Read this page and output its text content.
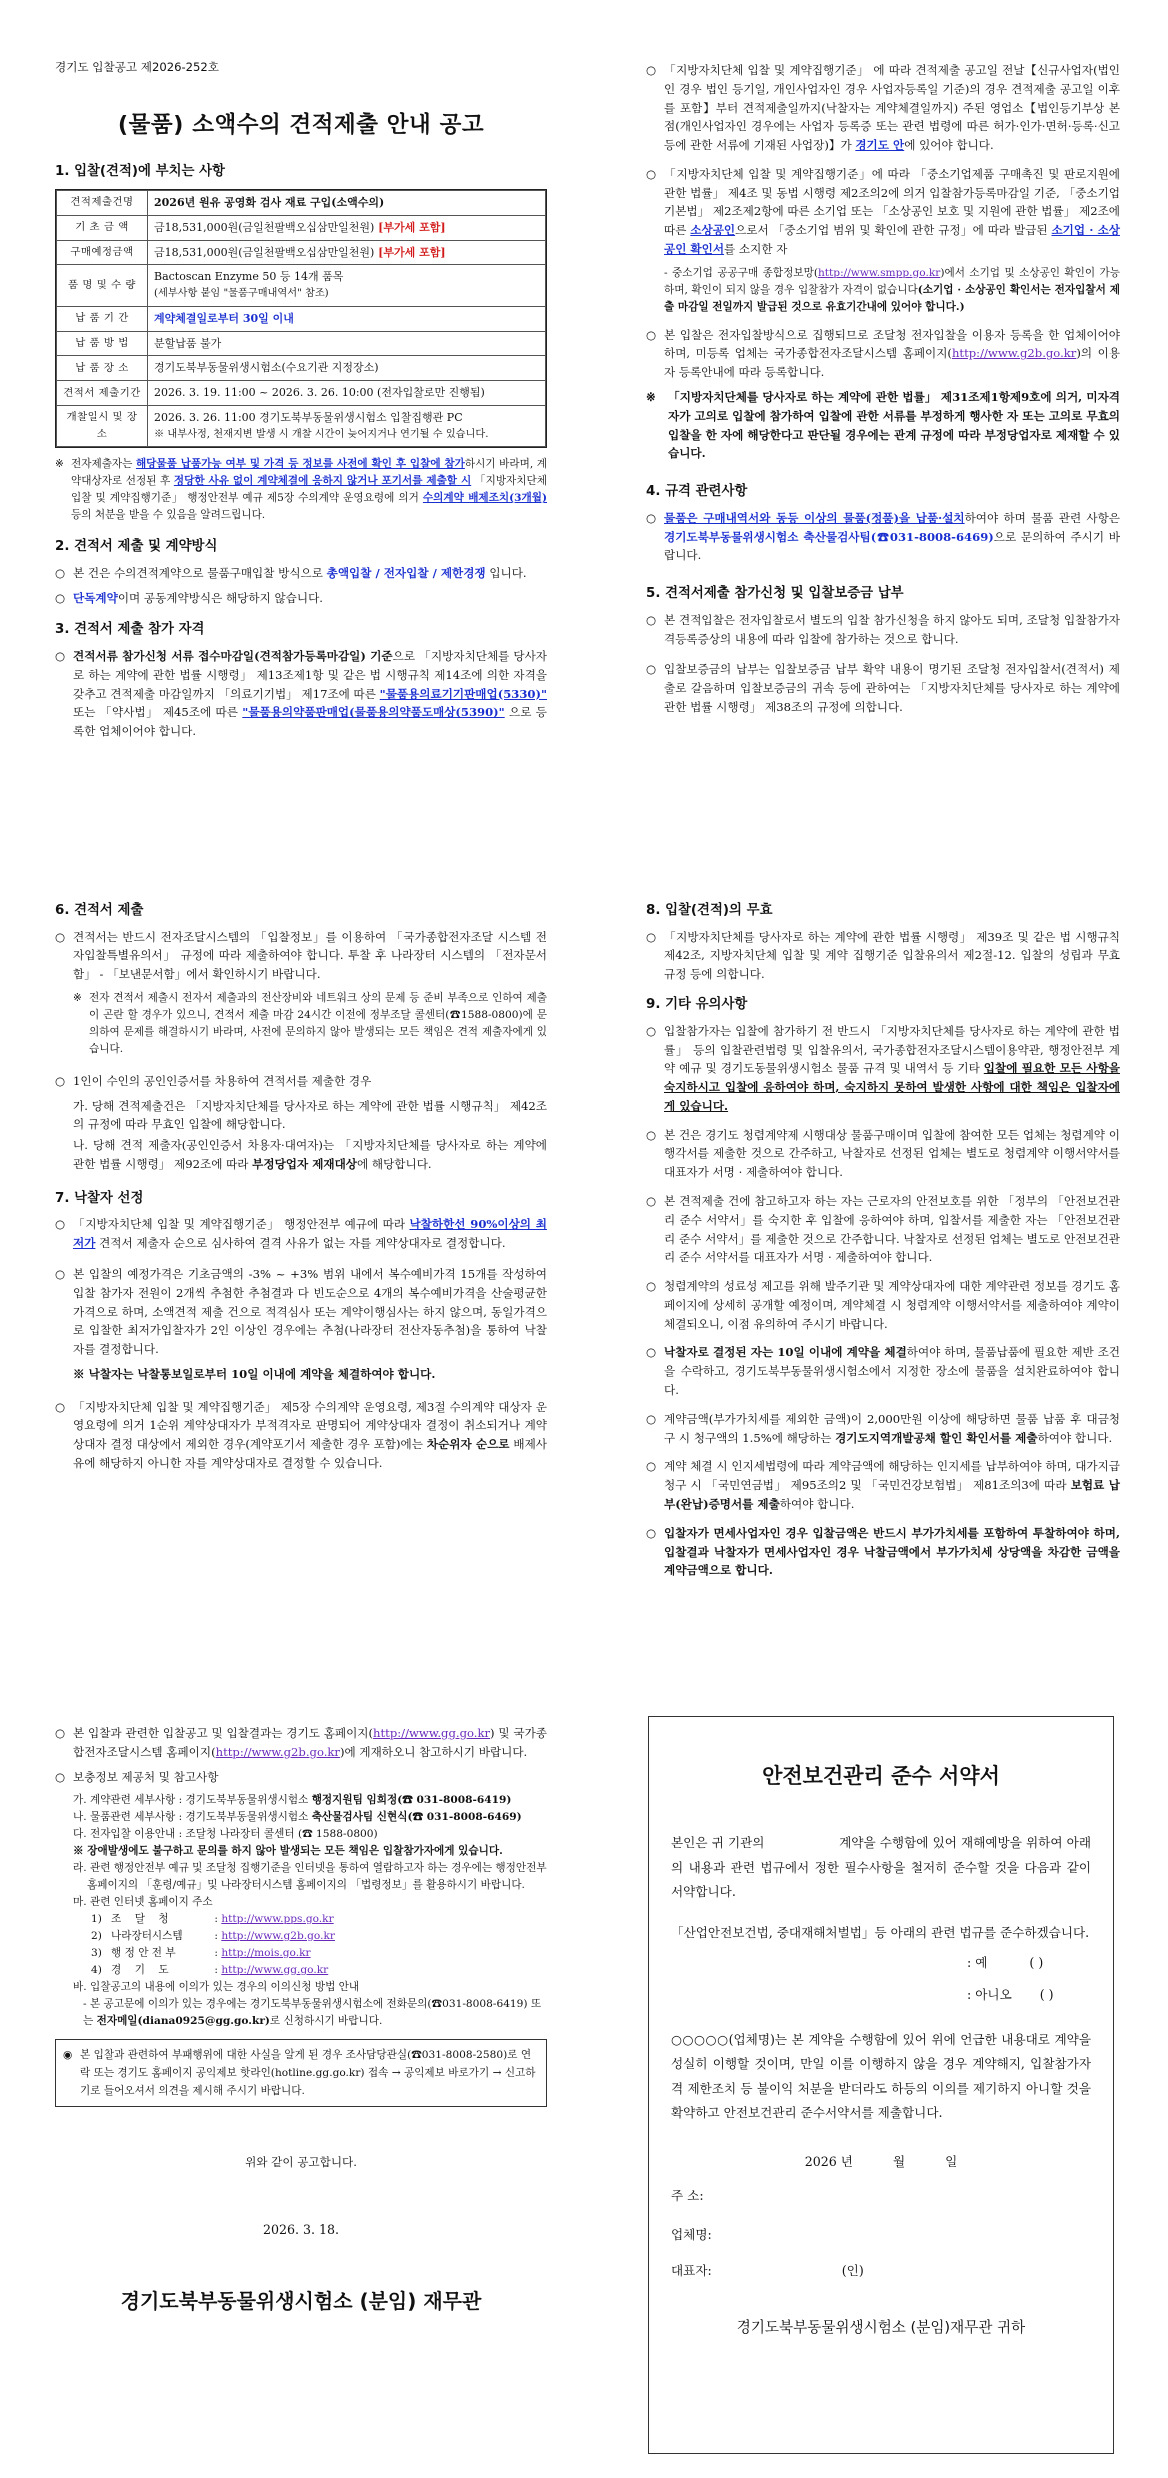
경기도 입찰공고 제2026-252호

(물품) 소액수의 견적제출 안내 공고

1. 입찰(견적)에 부치는 사항

견적제출건명	2026년 원유 공영화 검사 재료 구입(소액수의)
기 초 금 액	금18,531,000원(금일천팔백오십삼만일천원) [부가세 포함]
구매예정금액	금18,531,000원(금일천팔백오십삼만일천원) [부가세 포함]
품 명 및 수 량	Bactoscan Enzyme 50 등 14개 품목
(세부사항 붙임 "물품구매내역서" 참조)

납 품 기 간	계약체결일로부터 30일 이내
납 품 방 법	분할납품 불가
납 품 장 소	경기도북부동물위생시험소(수요기관 지정장소)
견적서 제출기간	2026. 3. 19. 11:00 ~ 2026. 3. 26. 10:00 (전자입찰로만 진행됨)
개찰일시 및 장소	2026. 3. 26. 11:00 경기도북부동물위생시험소 입찰집행관 PC
※ 내부사정, 천재지변 발생 시 개찰 시간이 늦어지거나 연기될 수 있습니다.

※ 전자제출자는 해당물품 납품가능 여부 및 가격 등 정보를 사전에 확인 후 입찰에 참가하시기 바라며, 계약대상자로 선정된 후 정당한 사유 없이 계약체결에 응하지 않거나 포기서를 제출할 시 「지방자치단체 입찰 및 계약집행기준」 행정안전부 예규 제5장 수의계약 운영요령에 의거 수의계약 배제조치(3개월) 등의 처분을 받을 수 있음을 알려드립니다.

2. 견적서 제출 및 계약방식

○ 본 건은 수의견적계약으로 물품구매입찰 방식으로 총액입찰 / 전자입찰 / 제한경쟁 입니다.

○ 단독계약이며 공동계약방식은 해당하지 않습니다.

3. 견적서 제출 참가 자격

○ 견적서류 참가신청 서류 접수마감일(견적참가등록마감일) 기준으로 「지방자치단체를 당사자로 하는 계약에 관한 법률 시행령」 제13조제1항 및 같은 법 시행규칙 제14조에 의한 자격을 갖추고 견적제출 마감일까지 「의료기기법」 제17조에 따른 "물품용의료기기판매업(5330)" 또는 「약사법」 제45조에 따른 "물품용의약품판매업(물품용의약품도매상(5390)" 으로 등록한 업체이어야 합니다.

○ 「지방자치단체 입찰 및 계약집행기준」 에 따라 견적제출 공고일 전날【신규사업자(법인인 경우 법인 등기일, 개인사업자인 경우 사업자등록일 기준)의 경우 견적제출 공고일 이후를 포함】부터 견적제출일까지(낙찰자는 계약체결일까지) 주된 영업소【법인등기부상 본점(개인사업자인 경우에는 사업자 등록증 또는 관련 법령에 따른 허가·인가·면허·등록·신고 등에 관한 서류에 기재된 사업장)】가 경기도 안에 있어야 합니다.

○ 「지방자치단체 입찰 및 계약집행기준」에 따라 「중소기업제품 구매촉진 및 판로지원에 관한 법률」 제4조 및 동법 시행령 제2조의2에 의거 입찰참가등록마감일 기준, 「중소기업기본법」 제2조제2항에 따른 소기업 또는 「소상공인 보호 및 지원에 관한 법률」 제2조에 따른 소상공인으로서 「중소기업 범위 및 확인에 관한 규정」에 따라 발급된 소기업 · 소상공인 확인서를 소지한 자

- 중소기업 공공구매 종합정보망(http://www.smpp.go.kr)에서 소기업 및 소상공인 확인이 가능하며, 확인이 되지 않을 경우 입찰참가 자격이 없습니다(소기업 · 소상공인 확인서는 전자입찰서 제출 마감일 전일까지 발급된 것으로 유효기간내에 있어야 합니다.)

○ 본 입찰은 전자입찰방식으로 집행되므로 조달청 전자입찰을 이용자 등록을 한 업체이어야 하며, 미등록 업체는 국가종합전자조달시스템 홈페이지(http://www.g2b.go.kr)의 이용자 등록안내에 따라 등록합니다.

※ 「지방자치단체를 당사자로 하는 계약에 관한 법률」 제31조제1항제9호에 의거, 미자격자가 고의로 입찰에 참가하여 입찰에 관한 서류를 부정하게 행사한 자 또는 고의로 무효의 입찰을 한 자에 해당한다고 판단될 경우에는 관계 규정에 따라 부정당업자로 제재할 수 있습니다.

4. 규격 관련사항

○ 물품은 구매내역서와 동등 이상의 물품(정품)을 납품·설치하여야 하며 물품 관련 사항은 경기도북부동물위생시험소 축산물검사팀(☎031-8008-6469)으로 문의하여 주시기 바랍니다.

5. 견적서제출 참가신청 및 입찰보증금 납부

○ 본 견적입찰은 전자입찰로서 별도의 입찰 참가신청을 하지 않아도 되며, 조달청 입찰참가자격등록증상의 내용에 따라 입찰에 참가하는 것으로 합니다.

○ 입찰보증금의 납부는 입찰보증금 납부 확약 내용이 명기된 조달청 전자입찰서(견적서) 제출로 갈음하며 입찰보증금의 귀속 등에 관하여는 「지방자치단체를 당사자로 하는 계약에 관한 법률 시행령」 제38조의 규정에 의합니다.

6. 견적서 제출

○ 견적서는 반드시 전자조달시스템의 「입찰정보」를 이용하여 「국가종합전자조달 시스템 전자입찰특별유의서」 규정에 따라 제출하여야 합니다. 투찰 후 나라장터 시스템의 「전자문서함」 - 「보낸문서함」에서 확인하시기 바랍니다.

※ 전자 견적서 제출시 전자서 제출과의 전산장비와 네트워크 상의 문제 등 준비 부족으로 인하여 제출이 곤란 할 경우가 있으니, 견적서 제출 마감 24시간 이전에 정부조달 콜센터(☎1588-0800)에 문의하여 문제를 해결하시기 바라며, 사전에 문의하지 않아 발생되는 모든 책임은 견적 제출자에게 있습니다.

○ 1인이 수인의 공인인증서를 차용하여 견적서를 제출한 경우

가. 당해 견적제출건은 「지방자치단체를 당사자로 하는 계약에 관한 법률 시행규칙」 제42조의 규정에 따라 무효인 입찰에 해당합니다.

나. 당해 견적 제출자(공인인증서 차용자·대여자)는 「지방자치단체를 당사자로 하는 계약에 관한 법률 시행령」 제92조에 따라 부정당업자 제재대상에 해당합니다.

7. 낙찰자 선정

○ 「지방자치단체 입찰 및 계약집행기준」 행정안전부 예규에 따라 낙찰하한선 90%이상의 최저가 견적서 제출자 순으로 심사하여 결격 사유가 없는 자를 계약상대자로 결정합니다.

○ 본 입찰의 예정가격은 기초금액의 -3% ~ +3% 범위 내에서 복수예비가격 15개를 작성하여 입찰 참가자 전원이 2개씩 추첨한 추첨결과 다 빈도순으로 4개의 복수예비가격을 산술평균한 가격으로 하며, 소액견적 제출 건으로 적격심사 또는 계약이행심사는 하지 않으며, 동일가격으로 입찰한 최저가입찰자가 2인 이상인 경우에는 추첨(나라장터 전산자동추첨)을 통하여 낙찰자를 결정합니다.

※ 낙찰자는 낙찰통보일로부터 10일 이내에 계약을 체결하여야 합니다.

○ 「지방자치단체 입찰 및 계약집행기준」 제5장 수의계약 운영요령, 제3절 수의계약 대상자 운영요령에 의거 1순위 계약상대자가 부적격자로 판명되어 계약상대자 결정이 취소되거나 계약상대자 결정 대상에서 제외한 경우(계약포기서 제출한 경우 포함)에는 차순위자 순으로 배제사유에 해당하지 아니한 자를 계약상대자로 결정할 수 있습니다.

8. 입찰(견적)의 무효

○ 「지방자치단체를 당사자로 하는 계약에 관한 법률 시행령」 제39조 및 같은 법 시행규칙 제42조, 지방자치단체 입찰 및 계약 집행기준 입찰유의서 제2절-12. 입찰의 성립과 무효 규정 등에 의합니다.

9. 기타 유의사항

○ 입찰참가자는 입찰에 참가하기 전 반드시 「지방자치단체를 당사자로 하는 계약에 관한 법률」 등의 입찰관련법령 및 입찰유의서, 국가종합전자조달시스템이용약관, 행정안전부 계약 예규 및 경기도동물위생시험소 물품 규격 및 내역서 등 기타 입찰에 필요한 모든 사항을 숙지하시고 입찰에 응하여야 하며, 숙지하지 못하여 발생한 사항에 대한 책임은 입찰자에게 있습니다.

○ 본 건은 경기도 청렴계약제 시행대상 물품구매이며 입찰에 참여한 모든 업체는 청렴계약 이행각서를 제출한 것으로 간주하고, 낙찰자로 선정된 업체는 별도로 청렴계약 이행서약서를 대표자가 서명 · 제출하여야 합니다.

○ 본 견적제출 건에 참고하고자 하는 자는 근로자의 안전보호를 위한 「정부의 「안전보건관리 준수 서약서」를 숙지한 후 입찰에 응하여야 하며, 입찰서를 제출한 자는 「안전보건관리 준수 서약서」를 제출한 것으로 간주합니다. 낙찰자로 선정된 업체는 별도로 안전보건관리 준수 서약서를 대표자가 서명 · 제출하여야 합니다.

○ 청렴계약의 성료성 제고를 위해 발주기관 및 계약상대자에 대한 계약관련 정보를 경기도 홈페이지에 상세히 공개할 예정이며, 계약체결 시 청렴계약 이행서약서를 제출하여야 계약이 체결되오니, 이점 유의하여 주시기 바랍니다.

○ 낙찰자로 결정된 자는 10일 이내에 계약을 체결하여야 하며, 물품납품에 필요한 제반 조건을 수락하고, 경기도북부동물위생시험소에서 지정한 장소에 물품을 설치완료하여야 합니다.

○ 계약금액(부가가치세를 제외한 금액)이 2,000만원 이상에 해당하면 물품 납품 후 대금청구 시 청구액의 1.5%에 해당하는 경기도지역개발공채 할인 확인서를 제출하여야 합니다.

○ 계약 체결 시 인지세법령에 따라 계약금액에 해당하는 인지세를 납부하여야 하며, 대가지급 청구 시 「국민연금법」 제95조의2 및 「국민건강보험법」 제81조의3에 따라 보험료 납부(완납)증명서를 제출하여야 합니다.

○ 입찰자가 면세사업자인 경우 입찰금액은 반드시 부가가치세를 포함하여 투찰하여야 하며, 입찰결과 낙찰자가 면세사업자인 경우 낙찰금액에서 부가가치세 상당액을 차감한 금액을 계약금액으로 합니다.

○ 본 입찰과 관련한 입찰공고 및 입찰결과는 경기도 홈페이지(http://www.gg.go.kr) 및 국가종합전자조달시스템 홈페이지(http://www.g2b.go.kr)에 게재하오니 참고하시기 바랍니다.

○ 보충정보 제공처 및 참고사항

가. 계약관련 세부사항 : 경기도북부동물위생시험소 행정지원팀 임희정(☎ 031-8008-6419)

나. 물품관련 세부사항 : 경기도북부동물위생시험소 축산물검사팀 신현식(☎ 031-8008-6469)

다. 전자입찰 이용안내 : 조달청 나라장터 콜센터 (☎ 1588-0800)

※ 장애발생에도 불구하고 문의를 하지 않아 발생되는 모든 책임은 입찰참가자에게 있습니다.

라. 관련 행정안전부 예규 및 조달청 집행기준을 인터넷을 통하여 열람하고자 하는 경우에는 행정안전부 홈페이지의 「훈령/예규」및 나라장터시스템 홈페이지의 「법령정보」를 활용하시기 바랍니다.

마. 관련 인터넷 홈페이지 주소

1) 조    달    청	: http://www.pps.go.kr

2) 나라장터시스템	: http://www.g2b.go.kr

3) 행 정 안 전 부	: http://mois.go.kr

4) 경    기    도	: http://www.gg.go.kr

바. 입찰공고의 내용에 이의가 있는 경우의 이의신청 방법 안내

- 본 공고문에 이의가 있는 경우에는 경기도북부동물위생시험소에 전화문의(☎031-8008-6419) 또는 전자메일(diana0925@gg.go.kr)로 신청하시기 바랍니다.

◉ 본 입찰과 관련하여 부패행위에 대한 사실을 알게 된 경우 조사담당관실(☎031-8008-2580)로 연락 또는 경기도 홈페이지 공익제보 핫라인(hotline.gg.go.kr) 접속 → 공익제보 바로가기 → 신고하기로 들어오셔서 의견을 제시해 주시기 바랍니다.

위와 같이 공고합니다.

2026. 3. 18.

경기도북부동물위생시험소 (분임) 재무관

안전보건관리 준수 서약서

본인은 귀 기관의                  계약을 수행함에 있어 재해예방을 위하여 아래의 내용과 관련 법규에서 정한 필수사항을 철저히 준수할 것을 다음과 같이 서약합니다.

「산업안전보건법, 중대재해처벌법」등 아래의 관련 법규를 준수하겠습니다.

: 예	( )

: 아니오 ( )

○○○○○(업체명)는 본 계약을 수행함에 있어 위에 언급한 내용대로 계약을 성실히 이행할 것이며, 만일 이를 이행하지 않을 경우 계약해지, 입찰참가자격 제한조치 등 불이익 처분을 받더라도 하등의 이의를 제기하지 아니할 것을 확약하고 안전보건관리 준수서약서를 제출합니다.

2026 년	월	일

주 소:

업체명:

대표자:	(인)

경기도북부동물위생시험소 (분임)재무관 귀하
